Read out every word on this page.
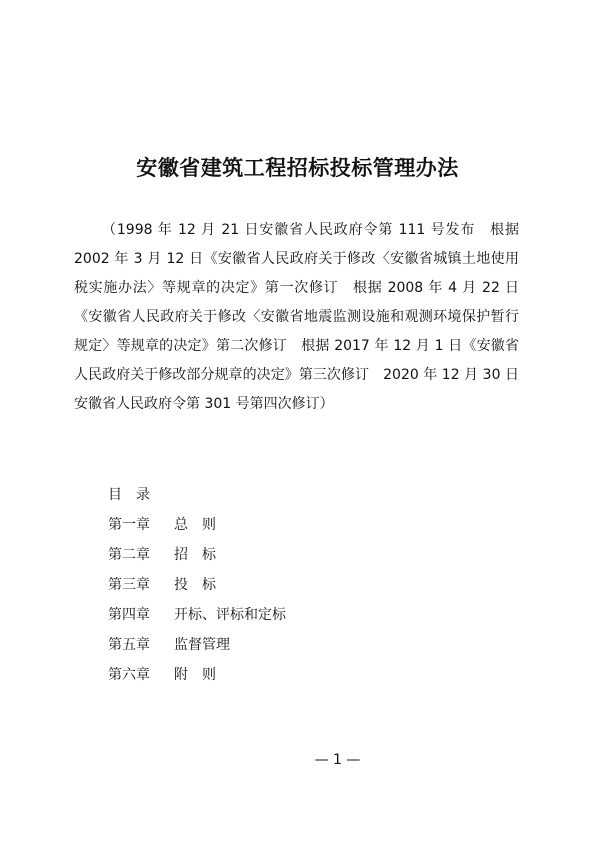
安徽省建筑工程招标投标管理办法

（1998 年 12 月 21 日安徽省人民政府令第 111 号发布　根据 2002 年 3 月 12 日《安徽省人民政府关于修改〈安徽省城镇土地使用税实施办法〉等规章的决定》第一次修订　根据 2008 年 4 月 22 日《安徽省人民政府关于修改〈安徽省地震监测设施和观测环境保护暂行规定〉等规章的决定》第二次修订　根据 2017 年 12 月 1 日《安徽省人民政府关于修改部分规章的决定》第三次修订　2020 年 12 月 30 日安徽省人民政府令第 301 号第四次修订）

目　录
第一章 总　则
第二章 招　标
第三章 投　标
第四章 开标、评标和定标
第五章 监督管理
第六章 附　则

— 1 —
